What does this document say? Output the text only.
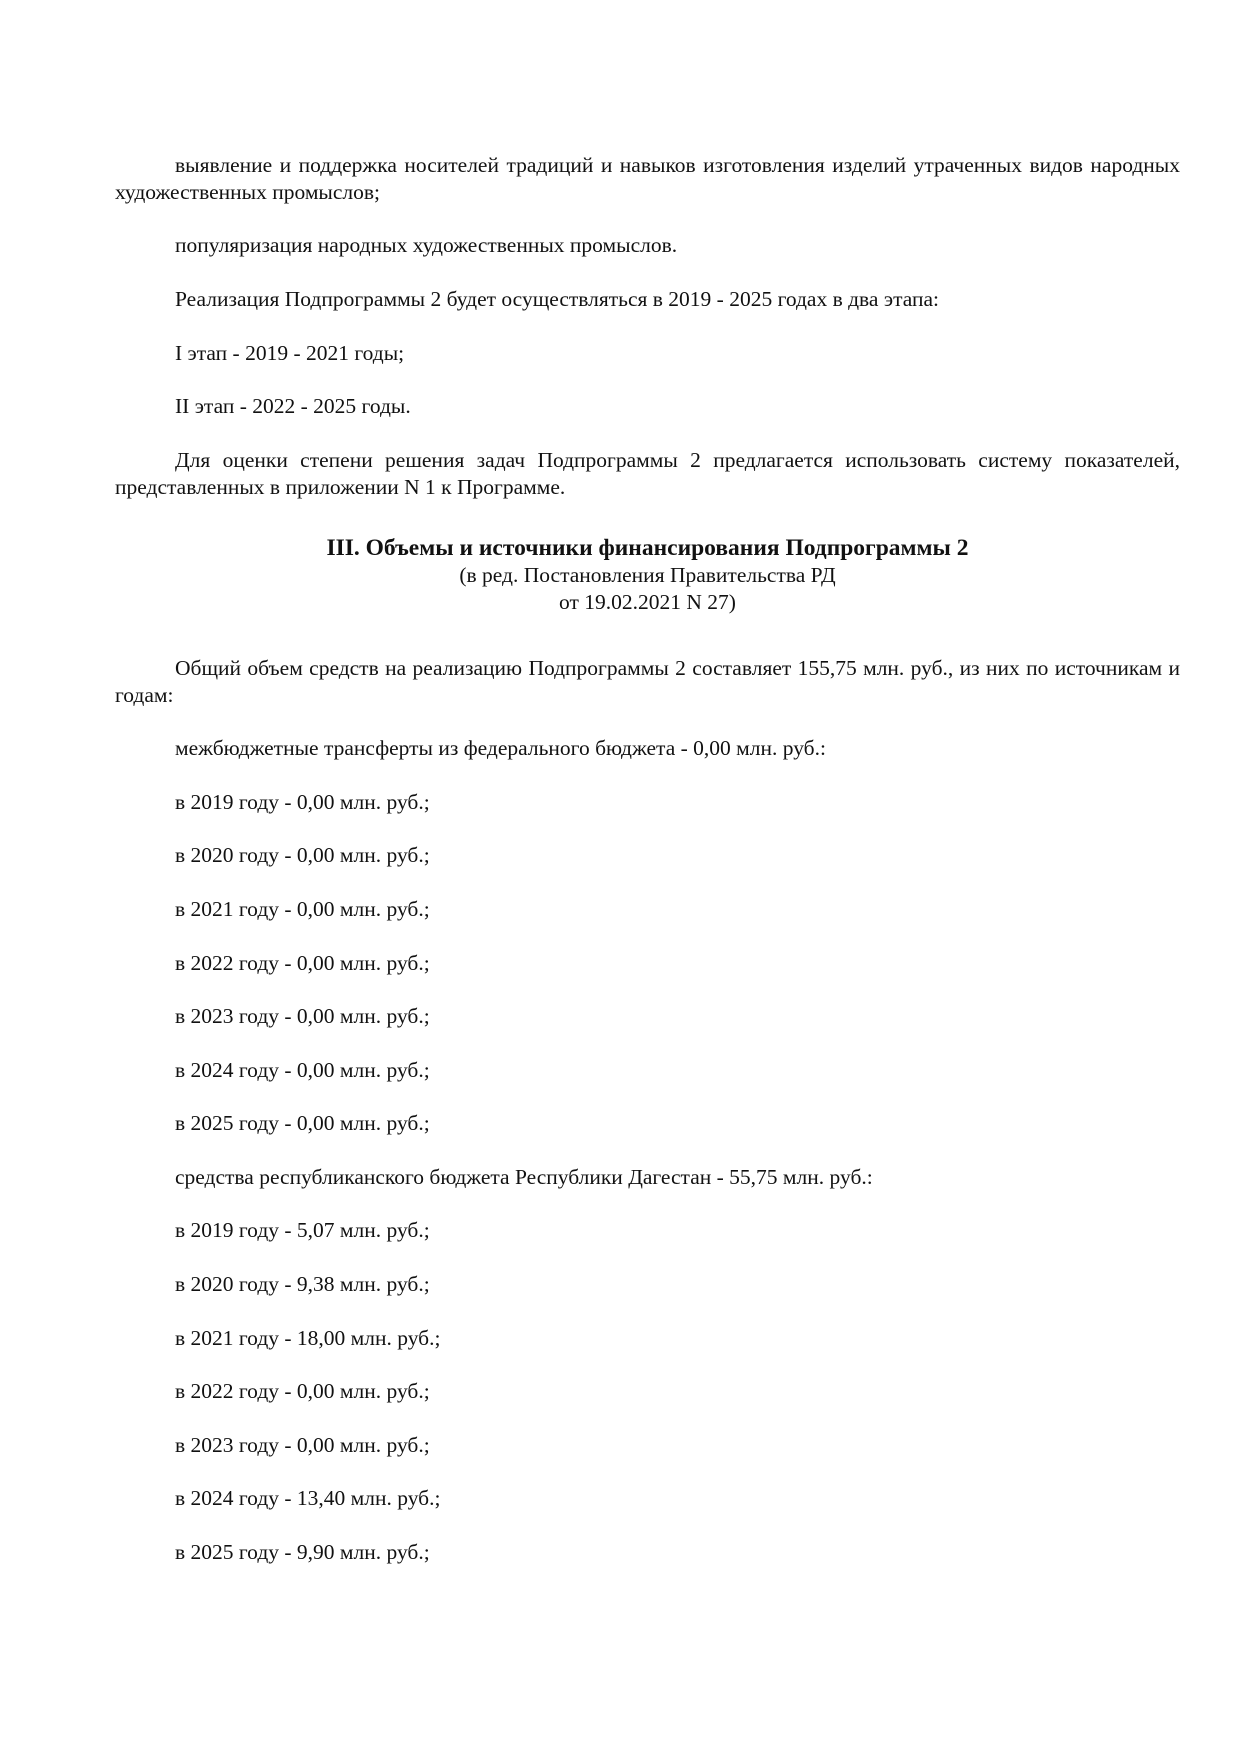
выявление и поддержка носителей традиций и навыков изготовления изделий утраченных видов народных художественных промыслов;

популяризация народных художественных промыслов.

Реализация Подпрограммы 2 будет осуществляться в 2019 - 2025 годах в два этапа:

I этап - 2019 - 2021 годы;

II этап - 2022 - 2025 годы.

Для оценки степени решения задач Подпрограммы 2 предлагается использовать систему показателей, представленных в приложении N 1 к Программе.

III. Объемы и источники финансирования Подпрограммы 2
(в ред. Постановления Правительства РД
от 19.02.2021 N 27)

Общий объем средств на реализацию Подпрограммы 2 составляет 155,75 млн. руб., из них по источникам и годам:

межбюджетные трансферты из федерального бюджета - 0,00 млн. руб.:

в 2019 году - 0,00 млн. руб.;

в 2020 году - 0,00 млн. руб.;

в 2021 году - 0,00 млн. руб.;

в 2022 году - 0,00 млн. руб.;

в 2023 году - 0,00 млн. руб.;

в 2024 году - 0,00 млн. руб.;

в 2025 году - 0,00 млн. руб.;

средства республиканского бюджета Республики Дагестан - 55,75 млн. руб.:

в 2019 году - 5,07 млн. руб.;

в 2020 году - 9,38 млн. руб.;

в 2021 году - 18,00 млн. руб.;

в 2022 году - 0,00 млн. руб.;

в 2023 году - 0,00 млн. руб.;

в 2024 году - 13,40 млн. руб.;

в 2025 году - 9,90 млн. руб.;
